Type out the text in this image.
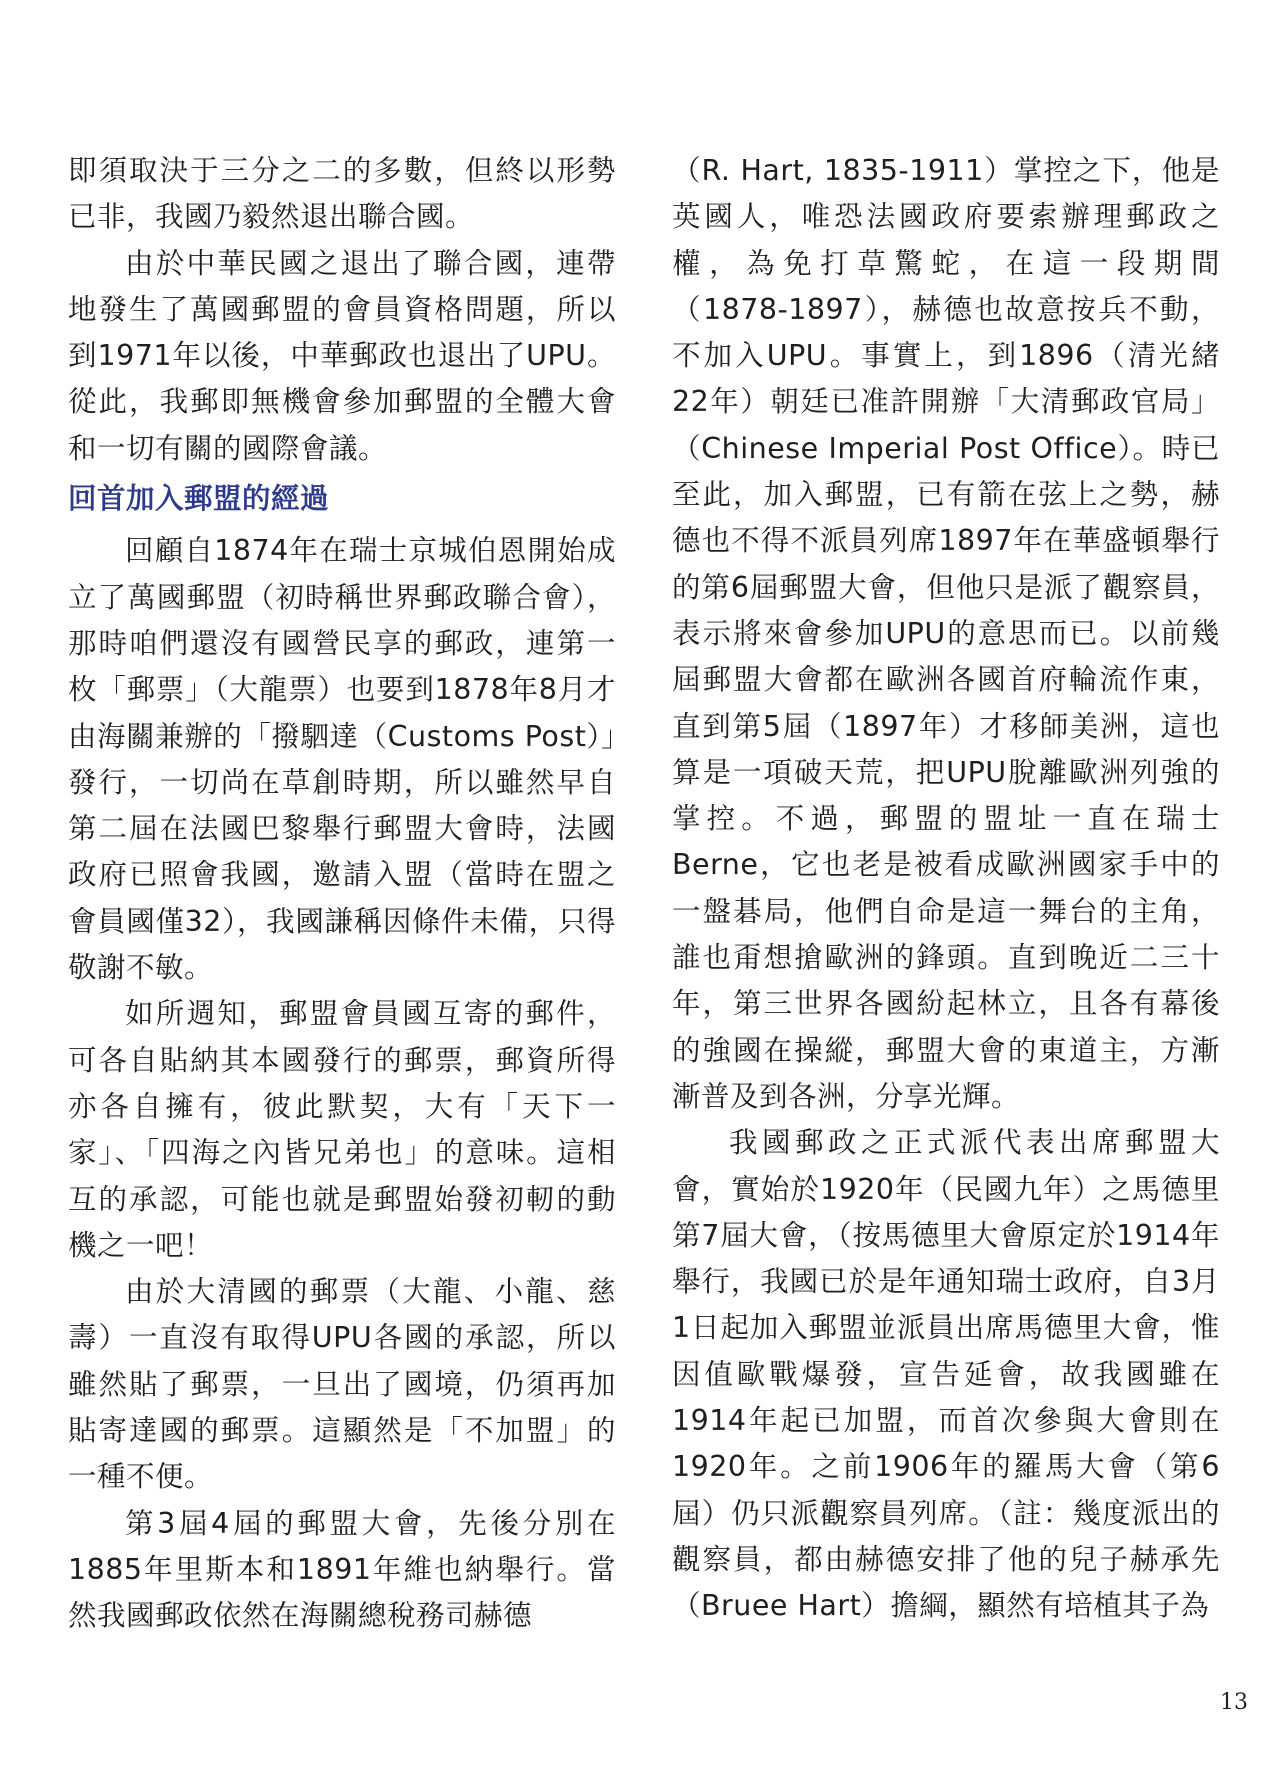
即須取決于三分之二的多數，但終以形勢已非，我國乃毅然退出聯合國。

由於中華民國之退出了聯合國，連帶地發生了萬國郵盟的會員資格問題，所以到1971年以後，中華郵政也退出了UPU。從此，我郵即無機會參加郵盟的全體大會和一切有關的國際會議。

回首加入郵盟的經過

回顧自1874年在瑞士京城伯恩開始成立了萬國郵盟（初時稱世界郵政聯合會），那時咱們還沒有國營民享的郵政，連第一枚「郵票」（大龍票）也要到1878年8月才由海關兼辦的「撥駟達（Customs Post）」發行，一切尚在草創時期，所以雖然早自第二屆在法國巴黎舉行郵盟大會時，法國政府已照會我國，邀請入盟（當時在盟之會員國僅32），我國謙稱因條件未備，只得敬謝不敏。

如所週知，郵盟會員國互寄的郵件，可各自貼納其本國發行的郵票，郵資所得亦各自擁有，彼此默契，大有「天下一家」、「四海之內皆兄弟也」的意味。這相互的承認，可能也就是郵盟始發初軔的動機之一吧！

由於大清國的郵票（大龍、小龍、慈壽）一直沒有取得UPU各國的承認，所以雖然貼了郵票，一旦出了國境，仍須再加貼寄達國的郵票。這顯然是「不加盟」的一種不便。

第3屆4屆的郵盟大會，先後分別在1885年里斯本和1891年維也納舉行。當然我國郵政依然在海關總稅務司赫德

（R. Hart, 1835-1911）掌控之下，他是英國人，唯恐法國政府要索辦理郵政之權，為免打草驚蛇，在這一段期間（1878-1897），赫德也故意按兵不動，不加入UPU。事實上，到1896（清光緒22年）朝廷已准許開辦「大清郵政官局」（Chinese Imperial Post Office）。時已至此，加入郵盟，已有箭在弦上之勢，赫德也不得不派員列席1897年在華盛頓舉行的第6屆郵盟大會，但他只是派了觀察員，表示將來會參加UPU的意思而已。以前幾屆郵盟大會都在歐洲各國首府輪流作東，直到第5屆（1897年）才移師美洲，這也算是一項破天荒，把UPU脫離歐洲列強的掌控。不過，郵盟的盟址一直在瑞士Berne，它也老是被看成歐洲國家手中的一盤碁局，他們自命是這一舞台的主角，誰也甭想搶歐洲的鋒頭。直到晚近二三十年，第三世界各國紛起林立，且各有幕後的強國在操縱，郵盟大會的東道主，方漸漸普及到各洲，分享光輝。

我國郵政之正式派代表出席郵盟大會，實始於1920年（民國九年）之馬德里第7屆大會，（按馬德里大會原定於1914年舉行，我國已於是年通知瑞士政府，自3月1日起加入郵盟並派員出席馬德里大會，惟因值歐戰爆發，宣告延會，故我國雖在1914年起已加盟，而首次參與大會則在1920年。之前1906年的羅馬大會（第6屆）仍只派觀察員列席。（註：幾度派出的觀察員，都由赫德安排了他的兒子赫承先（Bruee Hart）擔綱，顯然有培植其子為

13
